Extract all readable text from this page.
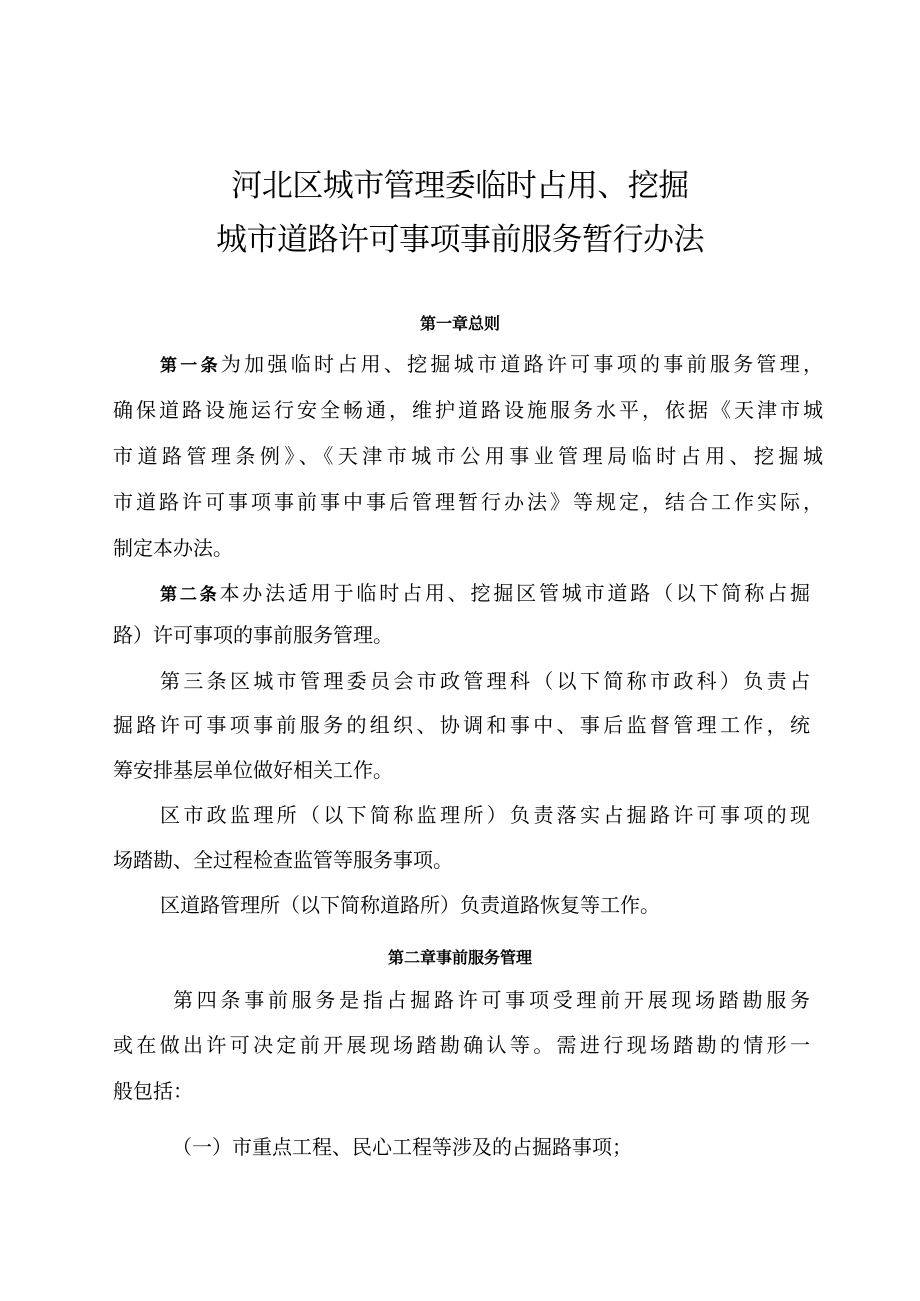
河北区城市管理委临时占用、挖掘
城市道路许可事项事前服务暂行办法
第一章总则

第一条为加强临时占用、挖掘城市道路许可事项的事前服务管理，

确保道路设施运行安全畅通，维护道路设施服务水平，依据《天津市城

市道路管理条例》、《天津市城市公用事业管理局临时占用、挖掘城

市道路许可事项事前事中事后管理暂行办法》等规定，结合工作实际，

制定本办法。

第二条本办法适用于临时占用、挖掘区管城市道路（以下简称占掘

路）许可事项的事前服务管理。

第三条区城市管理委员会市政管理科（以下简称市政科）负责占

掘路许可事项事前服务的组织、协调和事中、事后监督管理工作，统

筹安排基层单位做好相关工作。

区市政监理所（以下简称监理所）负责落实占掘路许可事项的现

场踏勘、全过程检查监管等服务事项。

区道路管理所（以下简称道路所）负责道路恢复等工作。

第二章事前服务管理

第四条事前服务是指占掘路许可事项受理前开展现场踏勘服务

或在做出许可决定前开展现场踏勘确认等。需进行现场踏勘的情形一

般包括：

（一）市重点工程、民心工程等涉及的占掘路事项；
